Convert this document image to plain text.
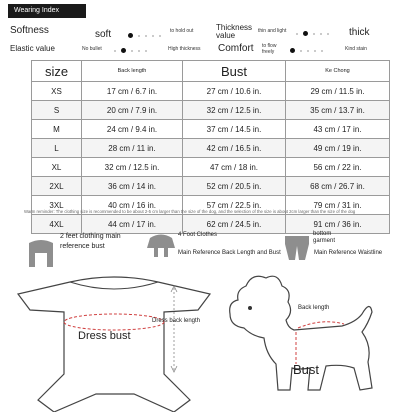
Wearing Index
Softness	soft	to hold out	Thickness value	thin and light	thick
Elastic value	No bullet	High thickness Comfort to flow freely	Kind stain
size	Back length	Bust	Ke Chong
XS	17 cm / 6.7 in.	27 cm / 10.6 in.	29 cm / 11.5 in.
S	20 cm / 7.9 in.	32 cm / 12.5 in.	35 cm / 13.7 in.
M	24 cm / 9.4 in.	37 cm / 14.5 in.	43 cm / 17 in.
L	28 cm / 11 in.	42 cm / 16.5 in.	49 cm / 19 in.
XL	32 cm / 12.5 in.	47 cm / 18 in.	56 cm / 22 in.
2XL	36 cm / 14 in.	52 cm / 20.5 in.	68 cm / 26.7 in.
3XL	40 cm / 16 in.	57 cm / 22.5 in.	79 cm / 31 in.
4XL	44 cm / 17 in.	62 cm / 24.5 in.	91 cm / 36 in.
Warm reminder: The clothing size is recommended to be about 2-5 cm larger than the size of the dog, and the selection of the size is about 2cm larger than the size of the dog
2 feet clothing main reference bust
4 Foot Clothes
Main Reference Back Length and Bust
bottom garment
Main Reference Waistline
Dress bust
Dress back length
Back length
Bust
